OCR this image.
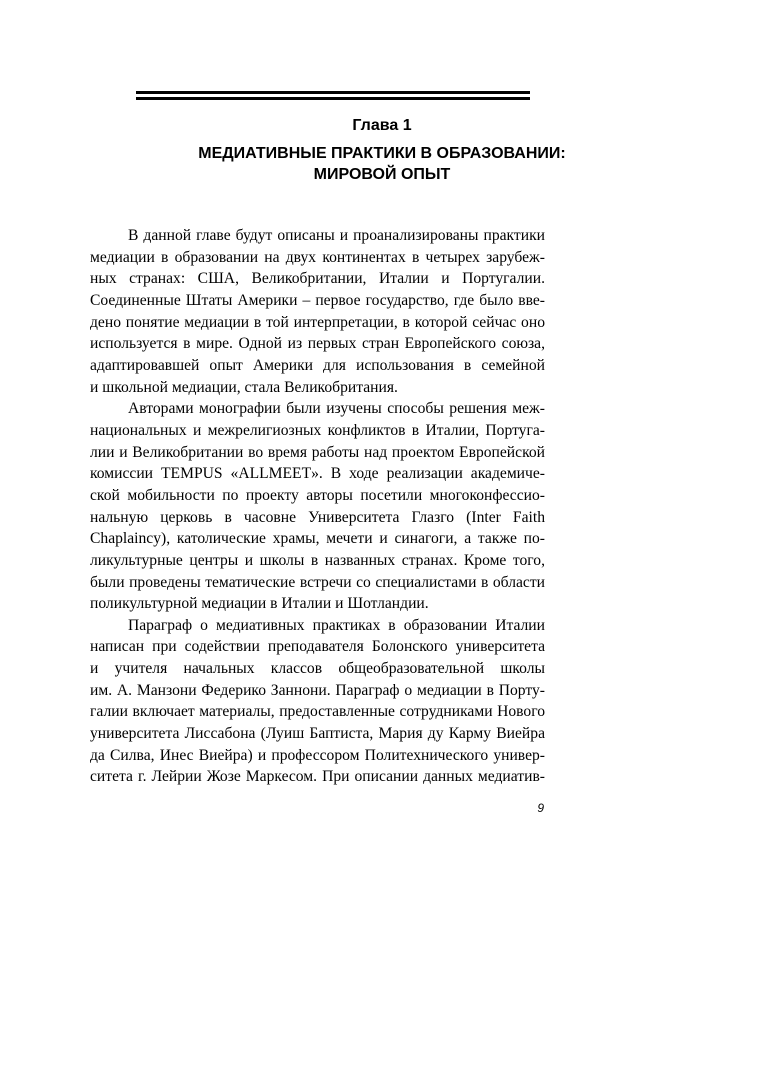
Глава 1
МЕДИАТИВНЫЕ ПРАКТИКИ В ОБРАЗОВАНИИ:
МИРОВОЙ ОПЫТ

В данной главе будут описаны и проанализированы практики
медиации в образовании на двух континентах в четырех зарубеж-
ных странах: США, Великобритании, Италии и Португалии.
Соединенные Штаты Америки – первое государство, где было вве-
дено понятие медиации в той интерпретации, в которой сейчас оно
используется в мире. Одной из первых стран Европейского союза,
адаптировавшей опыт Америки для использования в семейной
и школьной медиации, стала Великобритания.

Авторами монографии были изучены способы решения меж-
национальных и межрелигиозных конфликтов в Италии, Португа-
лии и Великобритании во время работы над проектом Европейской
комиссии TEMPUS «ALLMEET». В ходе реализации академиче-
ской мобильности по проекту авторы посетили многоконфессио-
нальную церковь в часовне Университета Глазго (Inter Faith
Chaplaincy), католические храмы, мечети и синагоги, а также по-
ликультурные центры и школы в названных странах. Кроме того,
были проведены тематические встречи со специалистами в области
поликультурной медиации в Италии и Шотландии.

Параграф о медиативных практиках в образовании Италии
написан при содействии преподавателя Болонского университета
и учителя начальных классов общеобразовательной школы
им. А. Манзони Федерико Заннони. Параграф о медиации в Порту-
галии включает материалы, предоставленные сотрудниками Нового
университета Лиссабона (Луиш Баптиста, Мария ду Карму Виейра
да Силва, Инес Виейра) и профессором Политехнического универ-
ситета г. Лейрии Жозе Маркесом. При описании данных медиатив-

9
